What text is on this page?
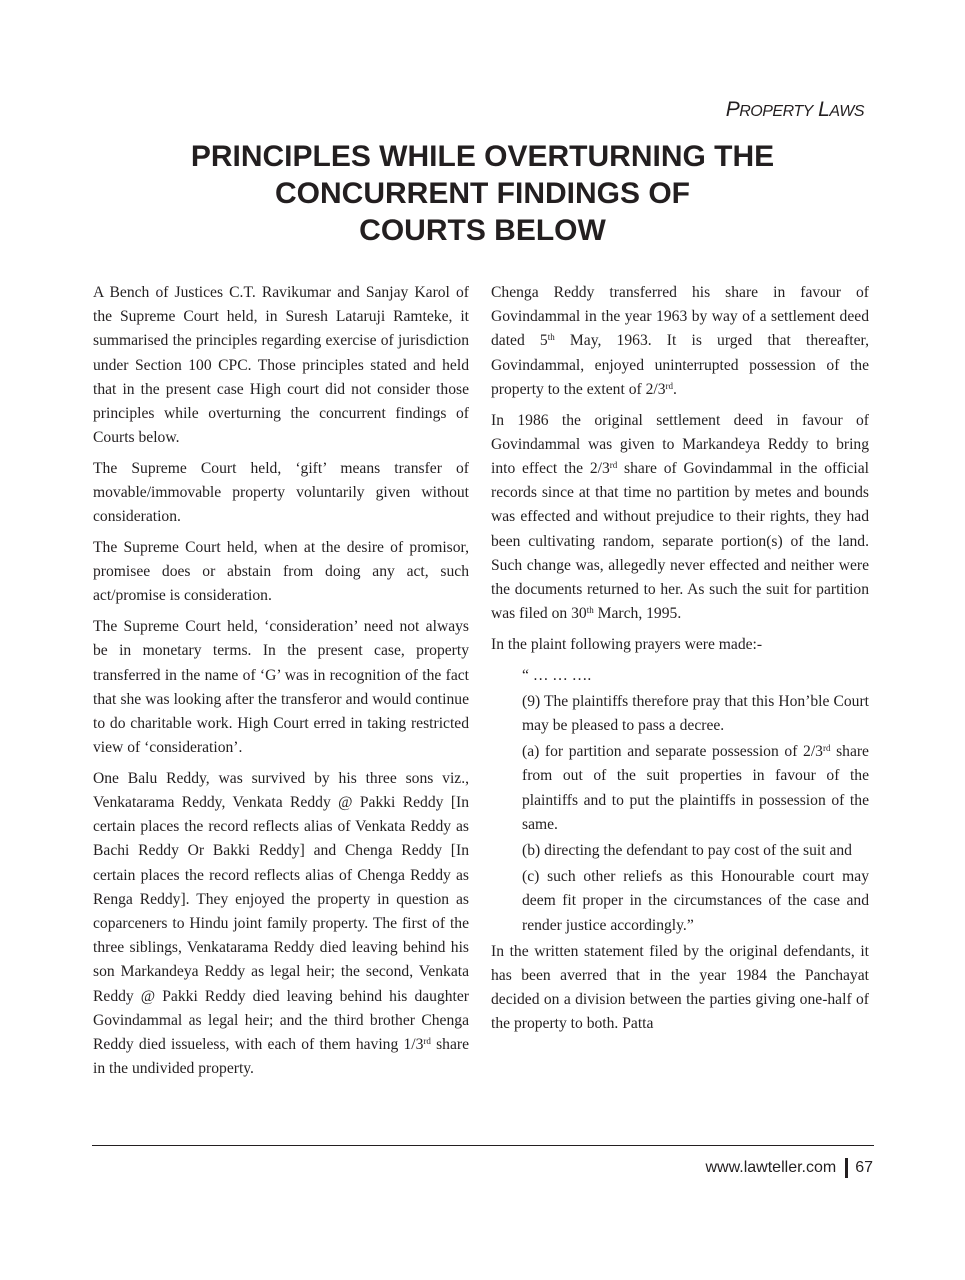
PROPERTY LAWS
PRINCIPLES WHILE OVERTURNING THE
CONCURRENT FINDINGS OF
COURTS BELOW

A Bench of Justices C.T. Ravikumar and Sanjay Karol of the Supreme Court held, in Suresh Lataruji Ramteke, it summarised the principles regarding exercise of jurisdiction under Section 100 CPC. Those principles stated and held that in the present case High court did not consider those principles while overturning the concurrent findings of Courts below.

The Supreme Court held, ‘gift’ means transfer of movable/immovable property voluntarily given without consideration.

The Supreme Court held, when at the desire of promisor, promisee does or abstain from doing any act, such act/promise is consideration.

The Supreme Court held, ‘consideration’ need not always be in monetary terms. In the present case, property transferred in the name of ‘G’ was in recognition of the fact that she was looking after the transferor and would continue to do charitable work. High Court erred in taking restricted view of ‘consideration’.

One Balu Reddy, was survived by his three sons viz., Venkatarama Reddy, Venkata Reddy @ Pakki Reddy [In certain places the record reflects alias of Venkata Reddy as Bachi Reddy Or Bakki Reddy] and Chenga Reddy [In certain places the record reflects alias of Chenga Reddy as Renga Reddy]. They enjoyed the property in question as coparceners to Hindu joint family property. The first of the three siblings, Venkatarama Reddy died leaving behind his son Markandeya Reddy as legal heir; the second, Venkata Reddy @ Pakki Reddy died leaving behind his daughter Govindammal as legal heir; and the third brother Chenga Reddy died issueless, with each of them having 1/3rd share in the undivided property.

Chenga Reddy transferred his share in favour of Govindammal in the year 1963 by way of a settlement deed dated 5th May, 1963. It is urged that thereafter, Govindammal, enjoyed uninterrupted possession of the property to the extent of 2/3rd.

In 1986 the original settlement deed in favour of Govindammal was given to Markandeya Reddy to bring into effect the 2/3rd share of Govindammal in the official records since at that time no partition by metes and bounds was effected and without prejudice to their rights, they had been cultivating random, separate portion(s) of the land. Such change was, allegedly never effected and neither were the documents returned to her. As such the suit for partition was filed on 30th March, 1995.

In the plaint following prayers were made:-

“ … … ….

(9) The plaintiffs therefore pray that this Hon’ble Court may be pleased to pass a decree.

(a) for partition and separate possession of 2/3rd share from out of the suit properties in favour of the plaintiffs and to put the plaintiffs in possession of the same.

(b) directing the defendant to pay cost of the suit and

(c) such other reliefs as this Honourable court may deem fit proper in the circumstances of the case and render justice accordingly.”

In the written statement filed by the original defendants, it has been averred that in the year 1984 the Panchayat decided on a division between the parties giving one-half of the property to both. Patta

www.lawteller.com 67
